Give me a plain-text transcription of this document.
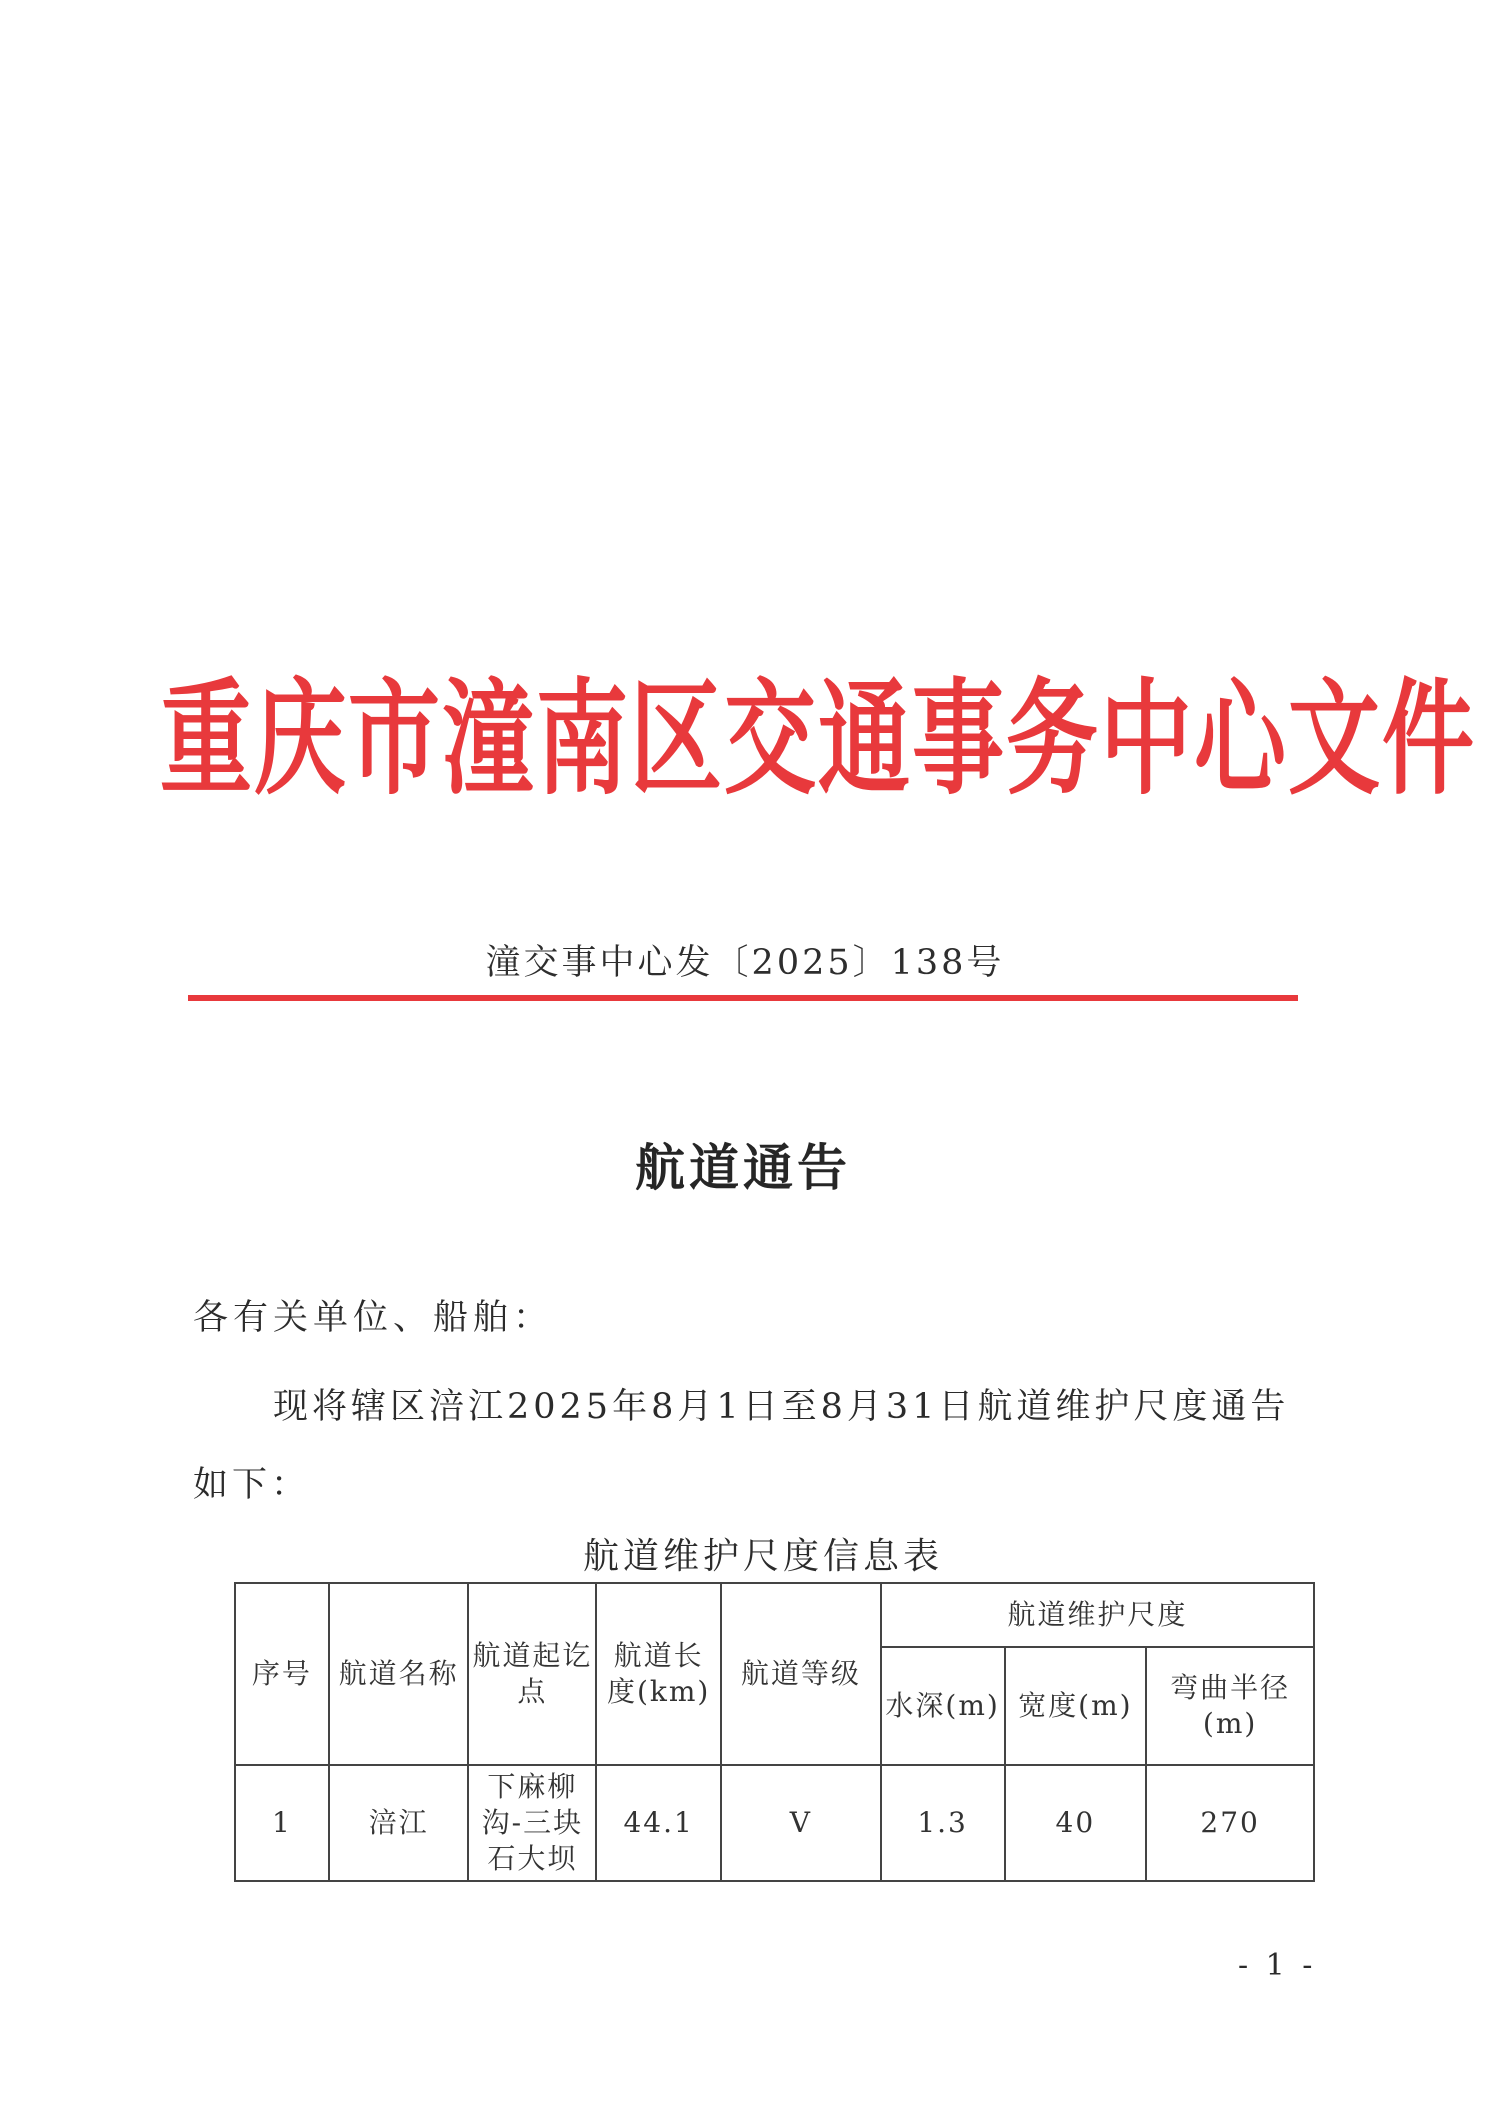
重庆市潼南区交通事务中心文件
潼交事中心发〔2025〕138号
航道通告
各有关单位、船舶：
现将辖区涪江2025年8月1日至8月31日航道维护尺度通告如下：
航道维护尺度信息表
序号	航道名称	航道起讫点	航道长度(km)	航道等级	航道维护尺度		
					水深(m)	宽度(m)	弯曲半径(m)
1	涪江	下麻柳沟-三块石大坝	44.1	V	1.3	40	270
- 1 -
